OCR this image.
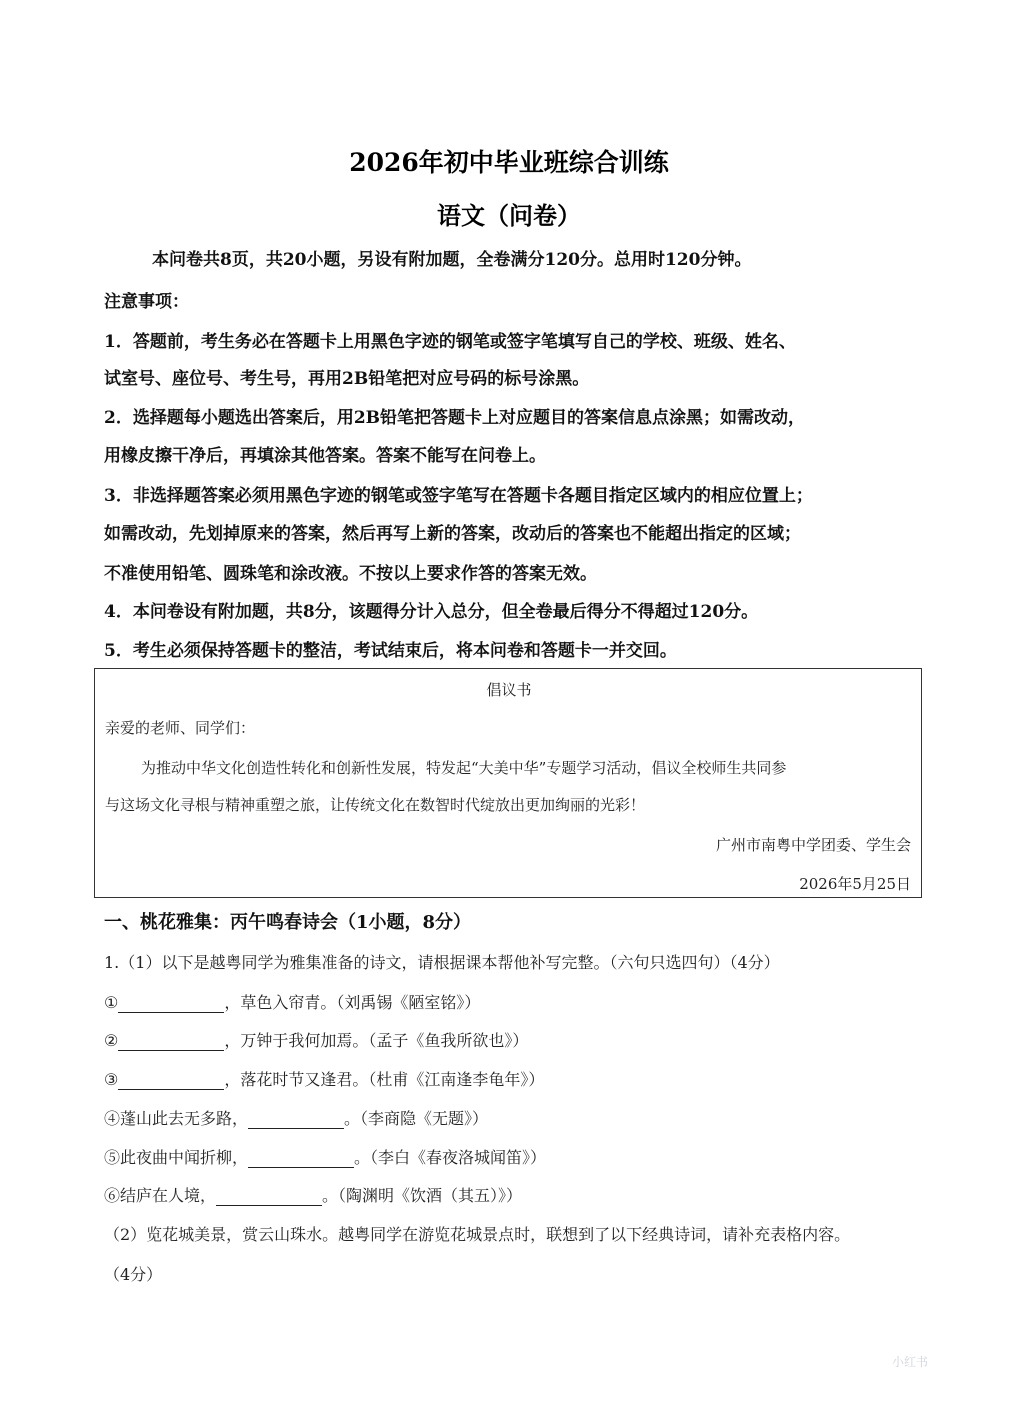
2026年初中毕业班综合训练
语文（问卷）
本问卷共8页，共20小题，另设有附加题，全卷满分120分。总用时120分钟。
注意事项：
1．答题前，考生务必在答题卡上用黑色字迹的钢笔或签字笔填写自己的学校、班级、姓名、
试室号、座位号、考生号，再用2B铅笔把对应号码的标号涂黑。
2．选择题每小题选出答案后，用2B铅笔把答题卡上对应题目的答案信息点涂黑；如需改动，
用橡皮擦干净后，再填涂其他答案。答案不能写在问卷上。
3．非选择题答案必须用黑色字迹的钢笔或签字笔写在答题卡各题目指定区域内的相应位置上；
如需改动，先划掉原来的答案，然后再写上新的答案，改动后的答案也不能超出指定的区域；
不准使用铅笔、圆珠笔和涂改液。不按以上要求作答的答案无效。
4．本问卷设有附加题，共8分，该题得分计入总分，但全卷最后得分不得超过120分。
5．考生必须保持答题卡的整洁，考试结束后，将本问卷和答题卡一并交回。
倡议书
亲爱的老师、同学们：
为推动中华文化创造性转化和创新性发展，特发起“大美中华”专题学习活动，倡议全校师生共同参
与这场文化寻根与精神重塑之旅，让传统文化在数智时代绽放出更加绚丽的光彩！
广州市南粤中学团委、学生会
2026年5月25日
一、桃花雅集：丙午鸣春诗会（1小题，8分）
1.（1）以下是越粤同学为雅集准备的诗文，请根据课本帮他补写完整。（六句只选四句）（4分）
①	，草色入帘青。（刘禹锡《陋室铭》）
②	，万钟于我何加焉。（孟子《鱼我所欲也》）
③	，落花时节又逢君。（杜甫《江南逢李龟年》）
④蓬山此去无多路，	。（李商隐《无题》）
⑤此夜曲中闻折柳，	。（李白《春夜洛城闻笛》）
⑥结庐在人境，	。（陶渊明《饮酒（其五）》）
（2）览花城美景，赏云山珠水。越粤同学在游览花城景点时，联想到了以下经典诗词，请补充表格内容。
（4分）
小红书
